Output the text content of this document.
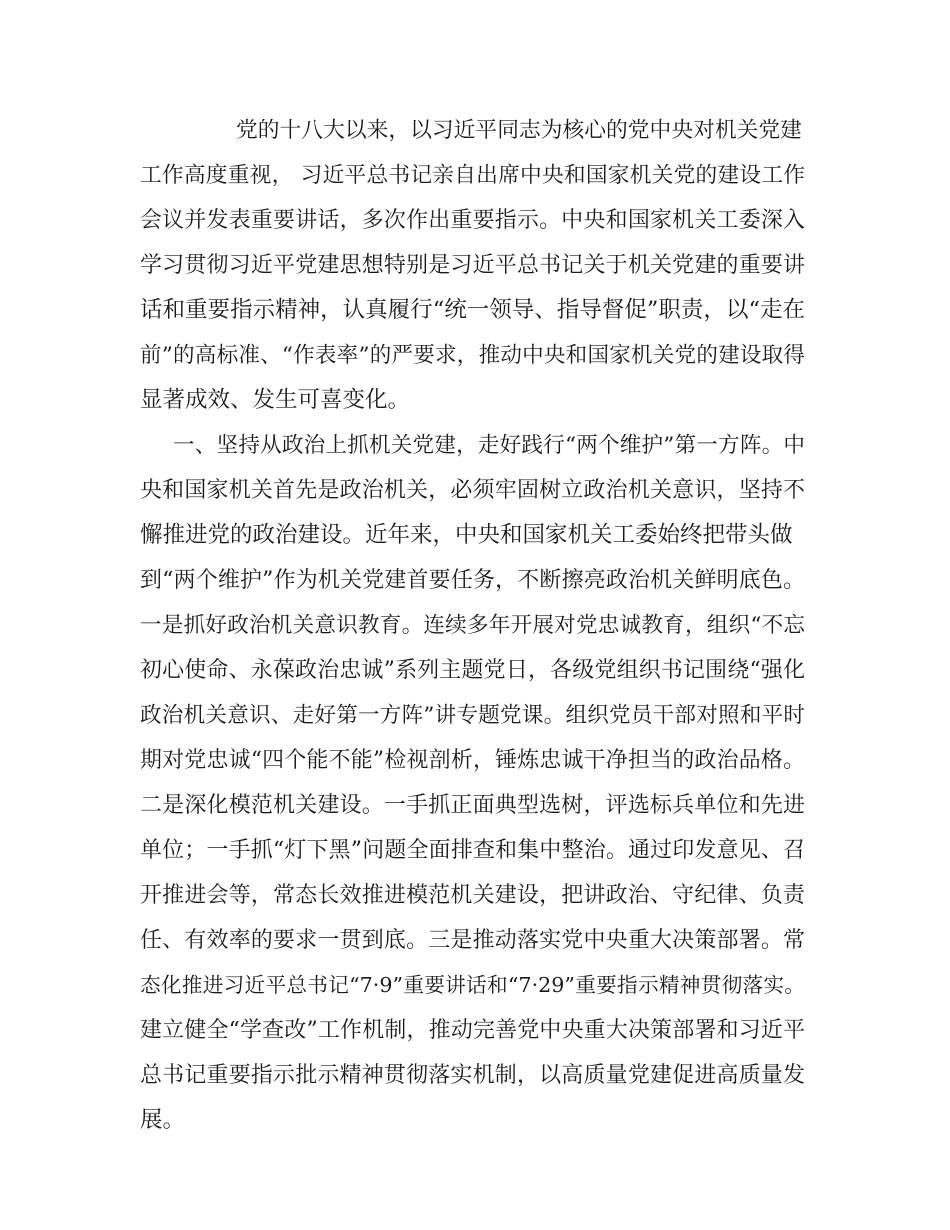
党的十八大以来，以习近平同志为核心的党中央对机关党建
工作高度重视， 习近平总书记亲自出席中央和国家机关党的建设工作
会议并发表重要讲话，多次作出重要指示。中央和国家机关工委深入
学习贯彻习近平党建思想特别是习近平总书记关于机关党建的重要讲
话和重要指示精神，认真履行“统一领导、指导督促”职责，以“走在
前”的高标准、“作表率”的严要求，推动中央和国家机关党的建设取得
显著成效、发生可喜变化。
一、坚持从政治上抓机关党建，走好践行“两个维护”第一方阵。中
央和国家机关首先是政治机关，必须牢固树立政治机关意识，坚持不
懈推进党的政治建设。近年来，中央和国家机关工委始终把带头做
到“两个维护”作为机关党建首要任务，不断擦亮政治机关鲜明底色。
一是抓好政治机关意识教育。连续多年开展对党忠诚教育，组织“不忘
初心使命、永葆政治忠诚”系列主题党日，各级党组织书记围绕“强化
政治机关意识、走好第一方阵”讲专题党课。组织党员干部对照和平时
期对党忠诚“四个能不能”检视剖析，锤炼忠诚干净担当的政治品格。
二是深化模范机关建设。一手抓正面典型选树，评选标兵单位和先进
单位；一手抓“灯下黑”问题全面排查和集中整治。通过印发意见、召
开推进会等，常态长效推进模范机关建设，把讲政治、守纪律、负责
任、有效率的要求一贯到底。三是推动落实党中央重大决策部署。常
态化推进习近平总书记“7·9”重要讲话和“7·29”重要指示精神贯彻落实。
建立健全“学查改”工作机制，推动完善党中央重大决策部署和习近平
总书记重要指示批示精神贯彻落实机制，以高质量党建促进高质量发
展。
